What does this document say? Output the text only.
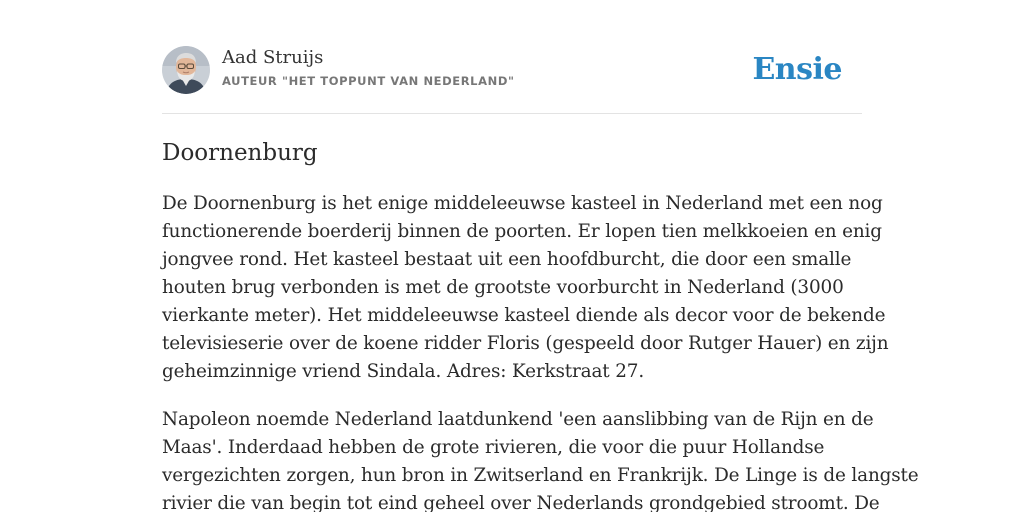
Aad Struijs
AUTEUR "HET TOPPUNT VAN NEDERLAND"	Ensie
Doornenburg

De Doornenburg is het enige middeleeuwse kasteel in Nederland met een nog
functionerende boerderij binnen de poorten. Er lopen tien melkkoeien en enig
jongvee rond. Het kasteel bestaat uit een hoofdburcht, die door een smalle
houten brug verbonden is met de grootste voorburcht in Nederland (3000
vierkante meter). Het middeleeuwse kasteel diende als decor voor de bekende
televisieserie over de koene ridder Floris (gespeeld door Rutger Hauer) en zijn
geheimzinnige vriend Sindala. Adres: Kerkstraat 27.

Napoleon noemde Nederland laatdunkend 'een aanslibbing van de Rijn en de
Maas'. Inderdaad hebben de grote rivieren, die voor die puur Hollandse
vergezichten zorgen, hun bron in Zwitserland en Frankrijk. De Linge is de langste
rivier die van begin tot eind geheel over Nederlands grondgebied stroomt. De
